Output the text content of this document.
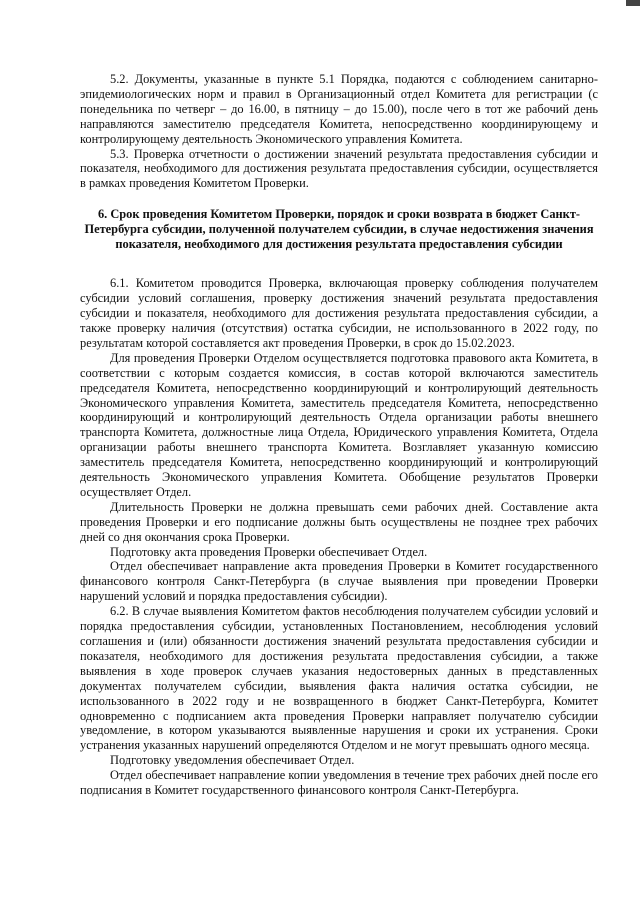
5.2. Документы, указанные в пункте 5.1 Порядка, подаются с соблюдением санитарно-эпидемиологических норм и правил в Организационный отдел Комитета для регистрации (с понедельника по четверг – до 16.00, в пятницу – до 15.00), после чего в тот же рабочий день направляются заместителю председателя Комитета, непосредственно координирующему и контролирующему деятельность Экономического управления Комитета.

5.3. Проверка отчетности о достижении значений результата предоставления субсидии и показателя, необходимого для достижения результата предоставления субсидии, осуществляется в рамках проведения Комитетом Проверки.

6. Срок проведения Комитетом Проверки, порядок и сроки возврата в бюджет Санкт-Петербурга субсидии, полученной получателем субсидии, в случае недостижения значения показателя, необходимого для достижения результата предоставления субсидии

6.1. Комитетом проводится Проверка, включающая проверку соблюдения получателем субсидии условий соглашения, проверку достижения значений результата предоставления субсидии и показателя, необходимого для достижения результата предоставления субсидии, а также проверку наличия (отсутствия) остатка субсидии, не использованного в 2022 году, по результатам которой составляется акт проведения Проверки, в срок до 15.02.2023.

Для проведения Проверки Отделом осуществляется подготовка правового акта Комитета, в соответствии с которым создается комиссия, в состав которой включаются заместитель председателя Комитета, непосредственно координирующий и контролирующий деятельность Экономического управления Комитета, заместитель председателя Комитета, непосредственно координирующий и контролирующий деятельность Отдела организации работы внешнего транспорта Комитета, должностные лица Отдела, Юридического управления Комитета, Отдела организации работы внешнего транспорта Комитета. Возглавляет указанную комиссию заместитель председателя Комитета, непосредственно координирующий и контролирующий деятельность Экономического управления Комитета. Обобщение результатов Проверки осуществляет Отдел.

Длительность Проверки не должна превышать семи рабочих дней. Составление акта проведения Проверки и его подписание должны быть осуществлены не позднее трех рабочих дней со дня окончания срока Проверки.

Подготовку акта проведения Проверки обеспечивает Отдел.

Отдел обеспечивает направление акта проведения Проверки в Комитет государственного финансового контроля Санкт-Петербурга (в случае выявления при проведении Проверки нарушений условий и порядка предоставления субсидии).

6.2. В случае выявления Комитетом фактов несоблюдения получателем субсидии условий и порядка предоставления субсидии, установленных Постановлением, несоблюдения условий соглашения и (или) обязанности достижения значений результата предоставления субсидии и показателя, необходимого для достижения результата предоставления субсидии, а также выявления в ходе проверок случаев указания недостоверных данных в представленных документах получателем субсидии, выявления факта наличия остатка субсидии, не использованного в 2022 году и не возвращенного в бюджет Санкт-Петербурга, Комитет одновременно с подписанием акта проведения Проверки направляет получателю субсидии уведомление, в котором указываются выявленные нарушения и сроки их устранения. Сроки устранения указанных нарушений определяются Отделом и не могут превышать одного месяца.

Подготовку уведомления обеспечивает Отдел.

Отдел обеспечивает направление копии уведомления в течение трех рабочих дней после его подписания в Комитет государственного финансового контроля Санкт-Петербурга.
